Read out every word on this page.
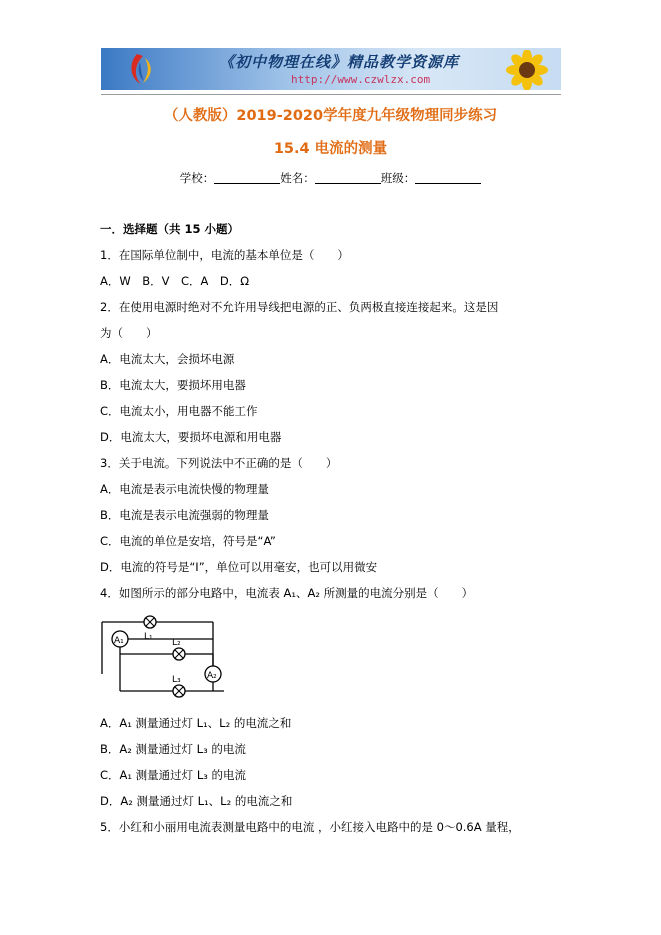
《初中物理在线》精品教学资源库
http://www.czwlzx.com
（人教版）2019-2020学年度九年级物理同步练习
15.4 电流的测量
学校：	姓名：	班级：
一．选择题（共 15 小题）
1．在国际单位制中，电流的基本单位是（　　）
A．W　B．V　C．A　D．Ω
2．在使用电源时绝对不允许用导线把电源的正、负两极直接连接起来。这是因
为（　　）
A．电流太大，会损坏电源
B．电流太大，要损坏用电器
C．电流太小，用电器不能工作
D．电流太大，要损坏电源和用电器
3．关于电流。下列说法中不正确的是（　　）
A．电流是表示电流快慢的物理量
B．电流是表示电流强弱的物理量
C．电流的单位是安培，符号是“A”
D．电流的符号是“I”，单位可以用毫安，也可以用微安
4．如图所示的部分电路中，电流表 A₁、A₂ 所测量的电流分别是（　　）
A₁ L₁
L₂
A₂
L₃
A．A₁ 测量通过灯 L₁、L₂ 的电流之和
B．A₂ 测量通过灯 L₃ 的电流
C．A₁ 测量通过灯 L₃ 的电流
D．A₂ 测量通过灯 L₁、L₂ 的电流之和
5．小红和小丽用电流表测量电路中的电流 ，小红接入电路中的是 0～0.6A 量程，
